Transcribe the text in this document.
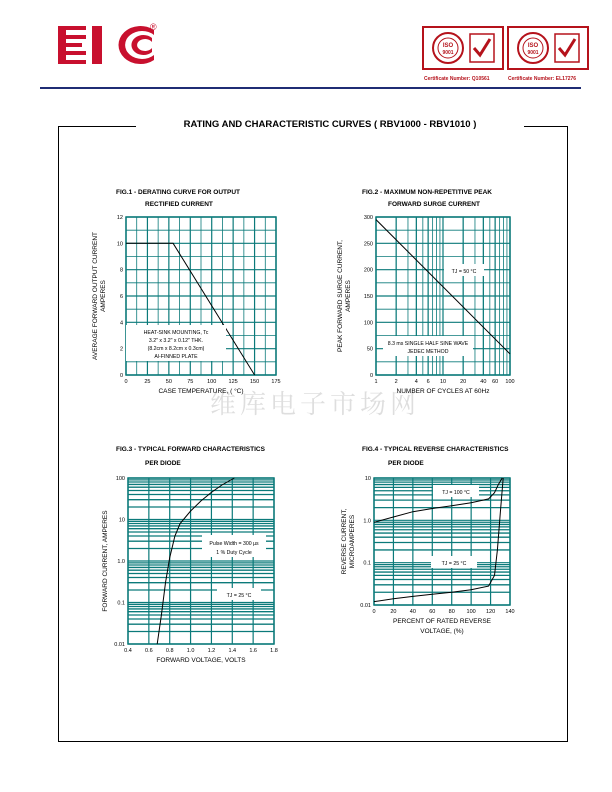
®
ISO
9001
ISO
9001
Certificate Number: Q10561	Certificate Number: EL17276
RATING AND CHARACTERISTIC CURVES ( RBV1000 - RBV1010 )
FIG.1 - DERATING CURVE FOR OUTPUT
RECTIFIED CURRENT
FIG.2 - MAXIMUM NON-REPETITIVE PEAK
FORWARD SURGE CURRENT
FIG.3 - TYPICAL FORWARD CHARACTERISTICS
PER DIODE
FIG.4 - TYPICAL REVERSE CHARACTERISTICS
PER DIODE
0	25	50	75	100 125 150 175
0
2
4
6
8
10
12
CASE TEMPERATURE, ( °C)
AVERAGE FORWARD OUTPUT CURRENT AMPERES
HEAT-SINK MOUNTING, Tc
3.2" x 3.2" x 0.12" THK.
(8.2cm x 8.2cm x 0.3cm)
Al-FINNED PLATE
1	2	4 6 10	20	40 60 100
0
50
100
150
200
250
300
NUMBER OF CYCLES AT 60Hz
PEAK FORWARD SURGE CURRENT, AMPERES
TJ = 50 °C
8.3 ms SINGLE HALF SINE WAVE
JEDEC METHOD
0.4 0.6 0.8 1.0 1.2 1.4 1.6 1.8
0.01
0.1
1.0
10
100
FORWARD VOLTAGE, VOLTS
FORWARD CURRENT, AMPERES	Pulse Width = 300 µs
1 % Duty Cycle
TJ = 25 °C
0	20 40 60 80 100 120 140
0.01
0.1
1.0
10
PERCENT OF RATED REVERSE
VOLTAGE, (%)
REVERSE CURRENT, MICROAMPERES
TJ = 100 °C
TJ = 25 °C
维库电子市场网
